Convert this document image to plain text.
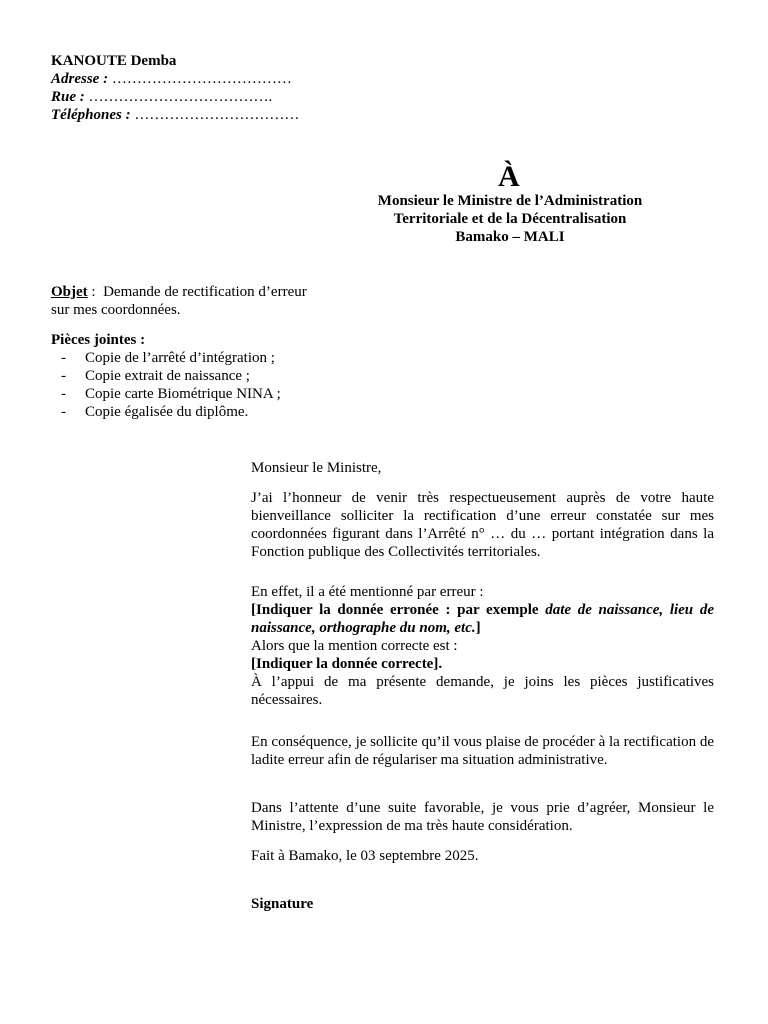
KANOUTE Demba
Adresse : ………………………………
Rue : ……………………………….
Téléphones : ……………………………
À
Monsieur le Ministre de l’Administration
Territoriale et de la Décentralisation
Bamako – MALI
Objet : Demande de rectification d’erreur sur mes coordonnées.
Pièces jointes :
- Copie de l’arrêté d’intégration ;
- Copie extrait de naissance ;
- Copie carte Biométrique NINA ;
- Copie égalisée du diplôme.

Monsieur le Ministre,

J’ai l’honneur de venir très respectueusement auprès de votre haute bienveillance solliciter la rectification d’une erreur constatée sur mes coordonnées figurant dans l’Arrêté n° … du … portant intégration dans la Fonction publique des Collectivités territoriales.

En effet, il a été mentionné par erreur :

[Indiquer la donnée erronée : par exemple date de naissance, lieu de naissance, orthographe du nom, etc.]

Alors que la mention correcte est :

[Indiquer la donnée correcte].

À l’appui de ma présente demande, je joins les pièces justificatives nécessaires.

En conséquence, je sollicite qu’il vous plaise de procéder à la rectification de ladite erreur afin de régulariser ma situation administrative.

Dans l’attente d’une suite favorable, je vous prie d’agréer, Monsieur le Ministre, l’expression de ma très haute considération.

Fait à Bamako, le 03 septembre 2025.

Signature
